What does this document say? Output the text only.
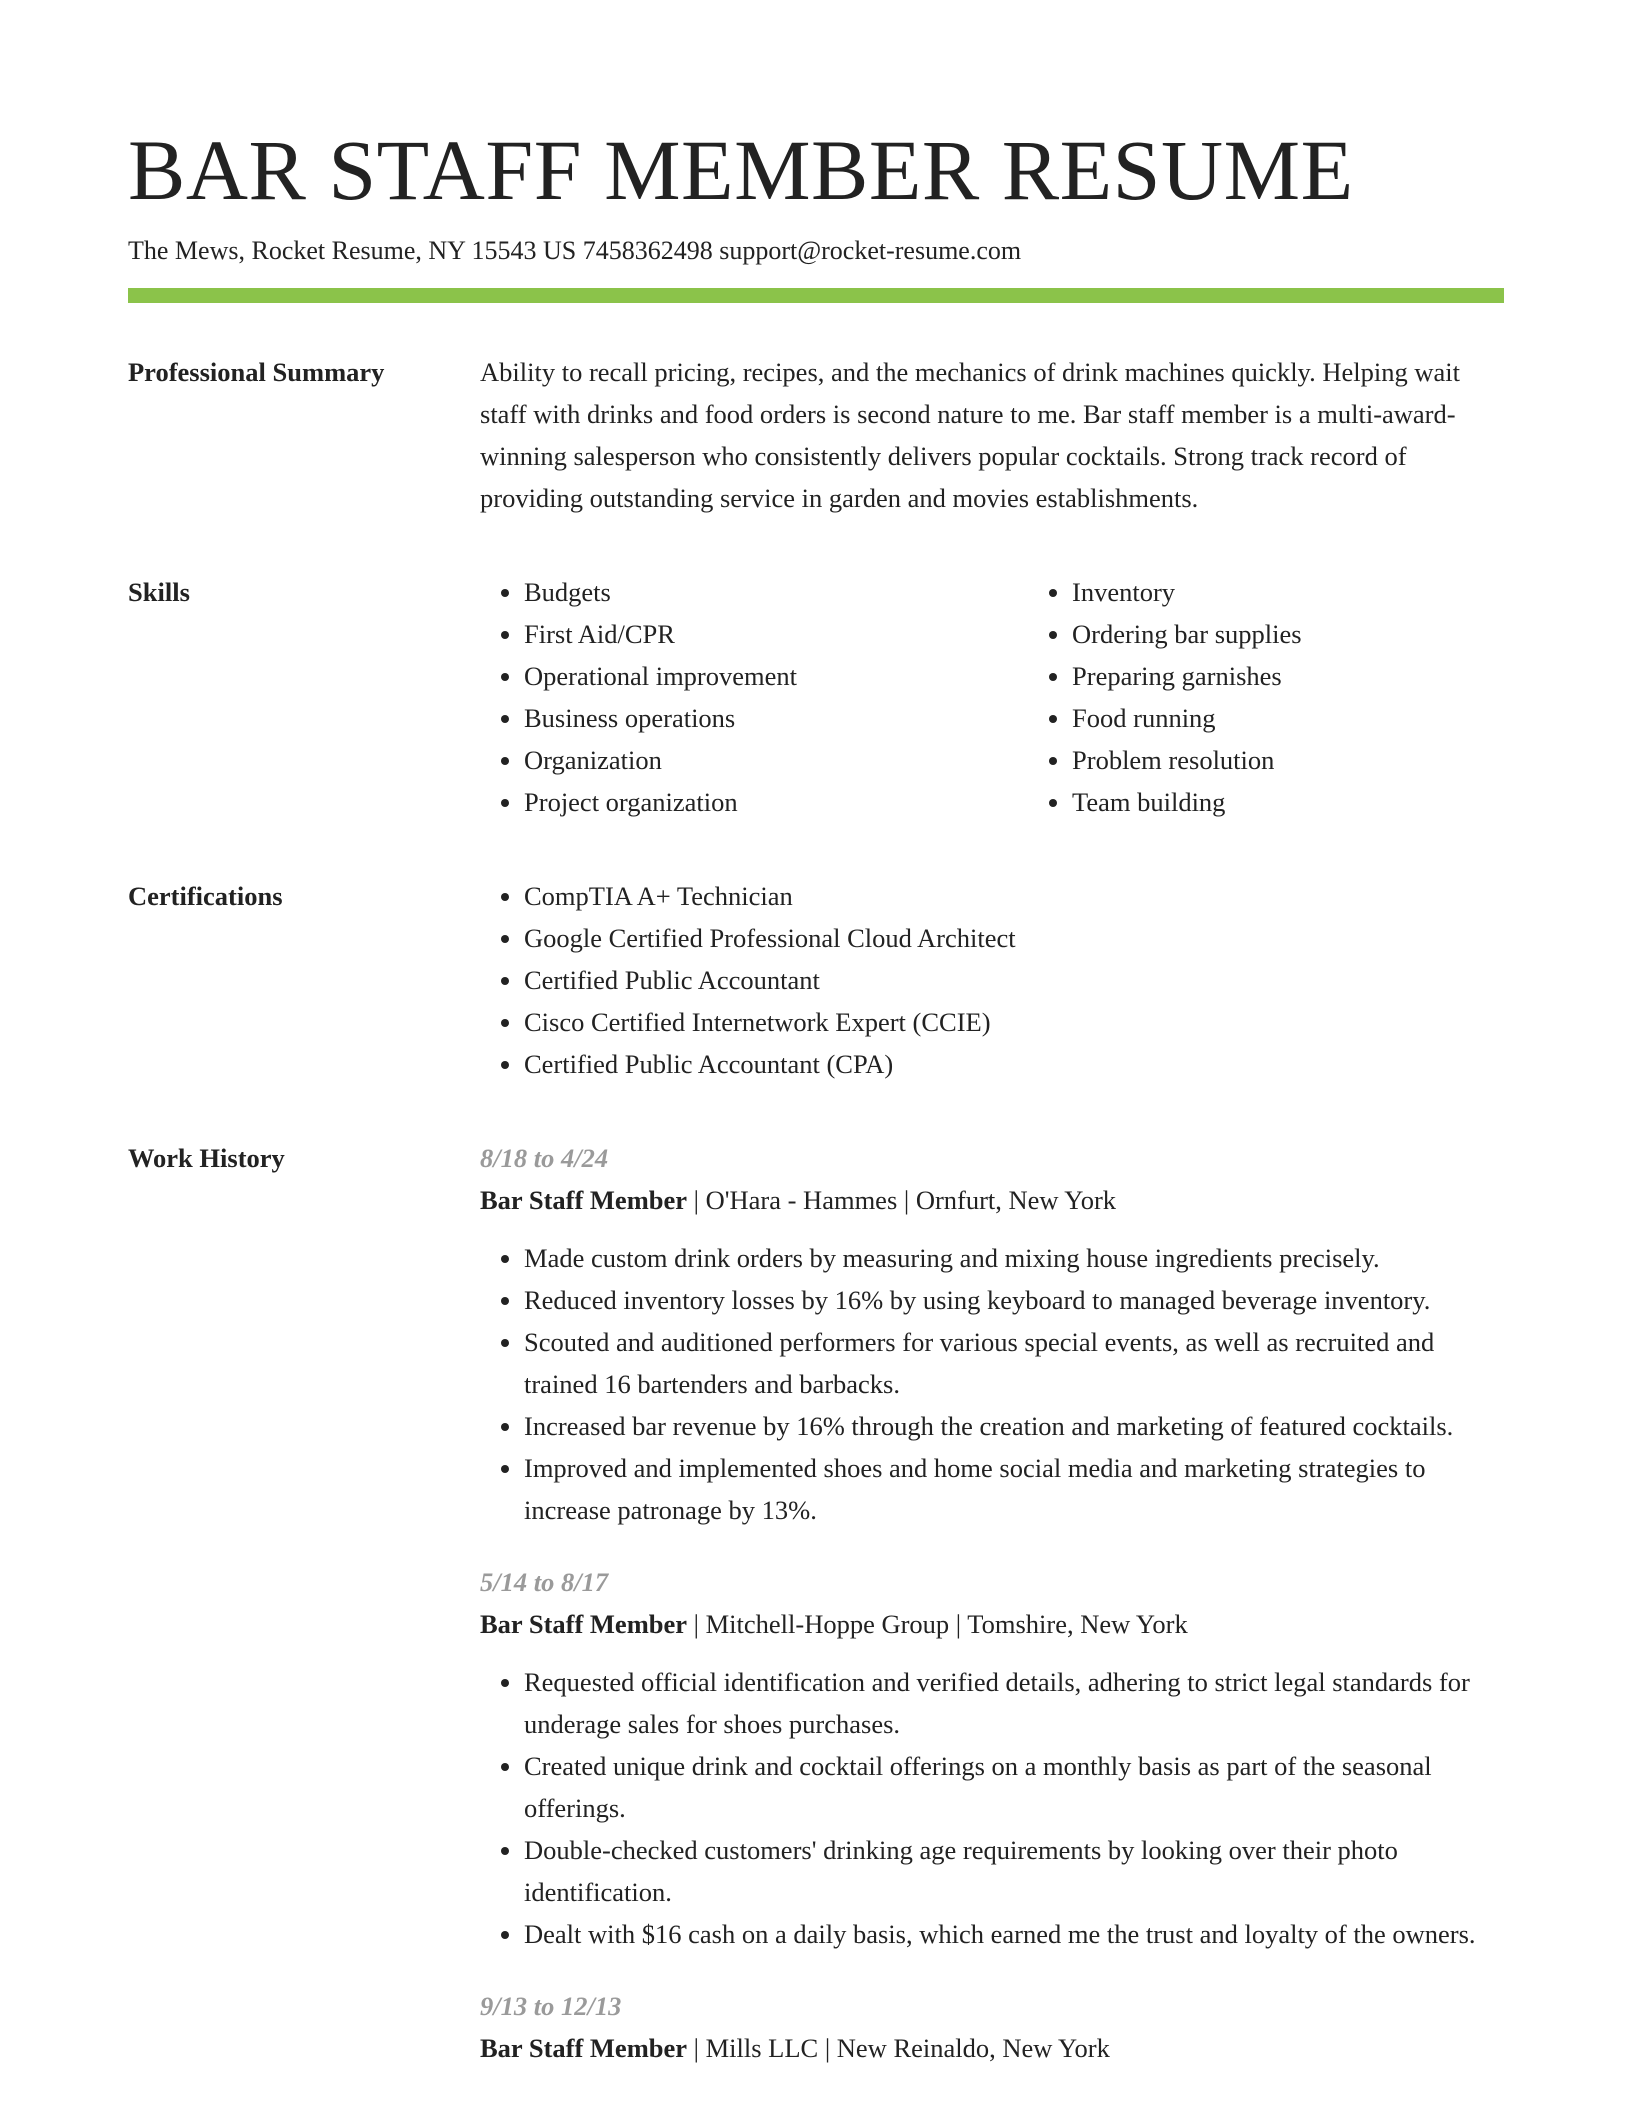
BAR STAFF MEMBER RESUME
The Mews, Rocket Resume, NY 15543 US 7458362498 support@rocket-resume.com
Professional Summary	Ability to recall pricing, recipes, and the mechanics of drink machines quickly. Helping wait staff with drinks and food orders is second nature to me. Bar staff member is a multi-award-winning salesperson who consistently delivers popular cocktails. Strong track record of providing outstanding service in garden and movies establishments.

Skills	• Budgets
• First Aid/CPR
• Operational improvement
• Business operations
• Organization
• Project organization
• Inventory
• Ordering bar supplies
• Preparing garnishes
• Food running
• Problem resolution
• Team building
Certifications	• CompTIA A+ Technician
• Google Certified Professional Cloud Architect
• Certified Public Accountant
• Cisco Certified Internetwork Expert (CCIE)
• Certified Public Accountant (CPA)
Work History	8/18 to 4/24
Bar Staff Member | O'Hara - Hammes | Ornfurt, New York
• Made custom drink orders by measuring and mixing house ingredients precisely.
• Reduced inventory losses by 16% by using keyboard to managed beverage inventory.
• Scouted and auditioned performers for various special events, as well as recruited and trained 16 bartenders and barbacks.
• Increased bar revenue by 16% through the creation and marketing of featured cocktails.
• Improved and implemented shoes and home social media and marketing strategies to increase patronage by 13%.
5/14 to 8/17
Bar Staff Member | Mitchell-Hoppe Group | Tomshire, New York
• Requested official identification and verified details, adhering to strict legal standards for underage sales for shoes purchases.
• Created unique drink and cocktail offerings on a monthly basis as part of the seasonal offerings.
• Double-checked customers' drinking age requirements by looking over their photo identification.
• Dealt with $16 cash on a daily basis, which earned me the trust and loyalty of the owners.
9/13 to 12/13
Bar Staff Member | Mills LLC | New Reinaldo, New York
